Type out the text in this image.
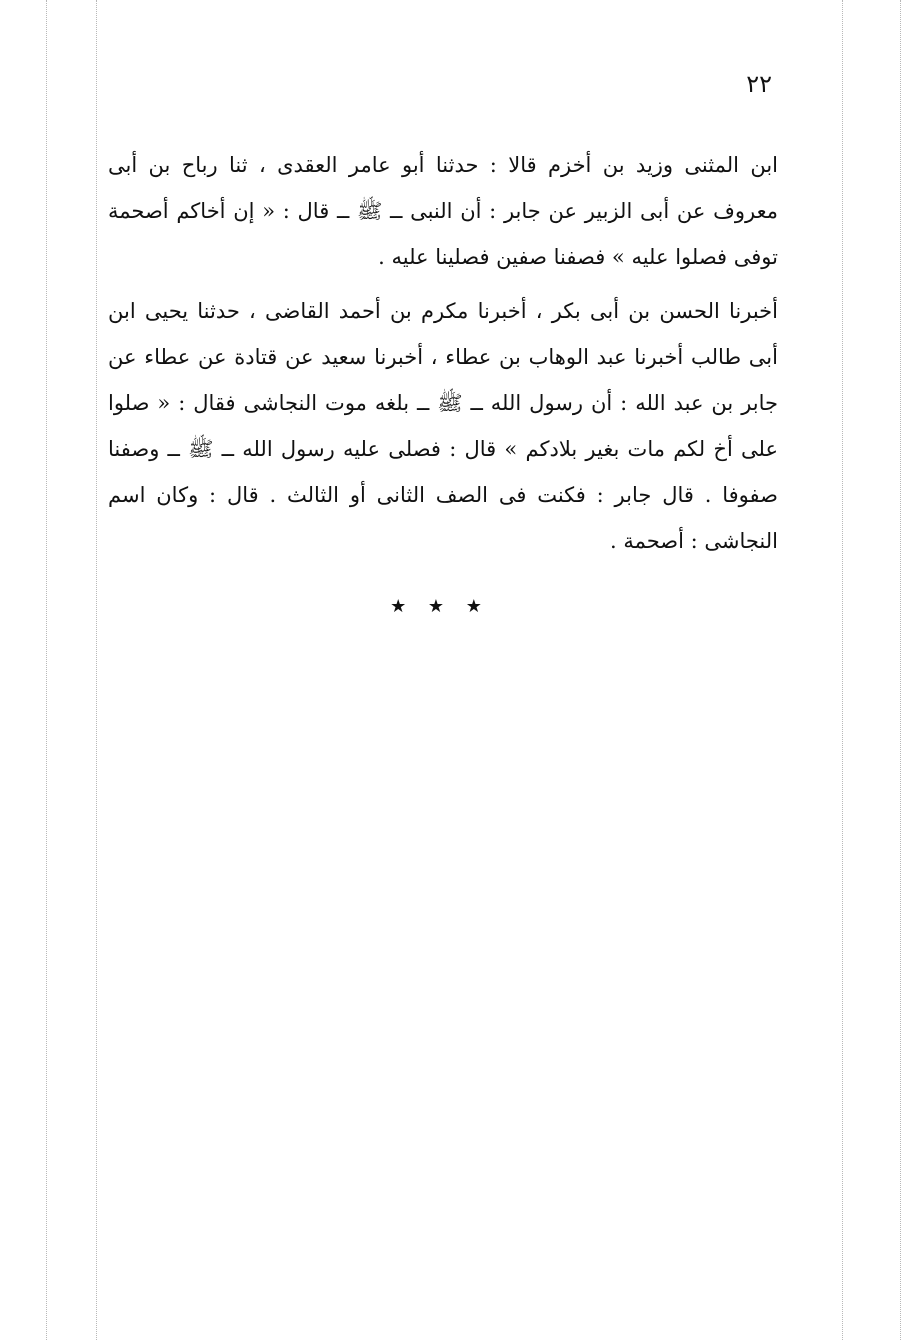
٢٢

ابن المثنى وزيد بن أخزم قالا : حدثنا أبو عامر العقدى ، ثنا رباح بن أبى معروف عن أبى الزبير عن جابر : أن النبى ــ ﷺ ــ قال : « إن أخاكم أصحمة توفى فصلوا عليه » فصفنا صفين فصلينا عليه .

أخبرنا الحسن بن أبى بكر ، أخبرنا مكرم بن أحمد القاضى ، حدثنا يحيى ابن أبى طالب أخبرنا عبد الوهاب بن عطاء ، أخبرنا سعيد عن قتادة عن عطاء عن جابر بن عبد الله : أن رسول الله ــ ﷺ ــ بلغه موت النجاشى فقال : « صلوا على أخ لكم مات بغير بلادكم » قال : فصلى عليه رسول الله ــ ﷺ ــ وصفنا صفوفا . قال جابر : فكنت فى الصف الثانى أو الثالث . قال : وكان اسم النجاشى : أصحمة .

★ ★ ★
